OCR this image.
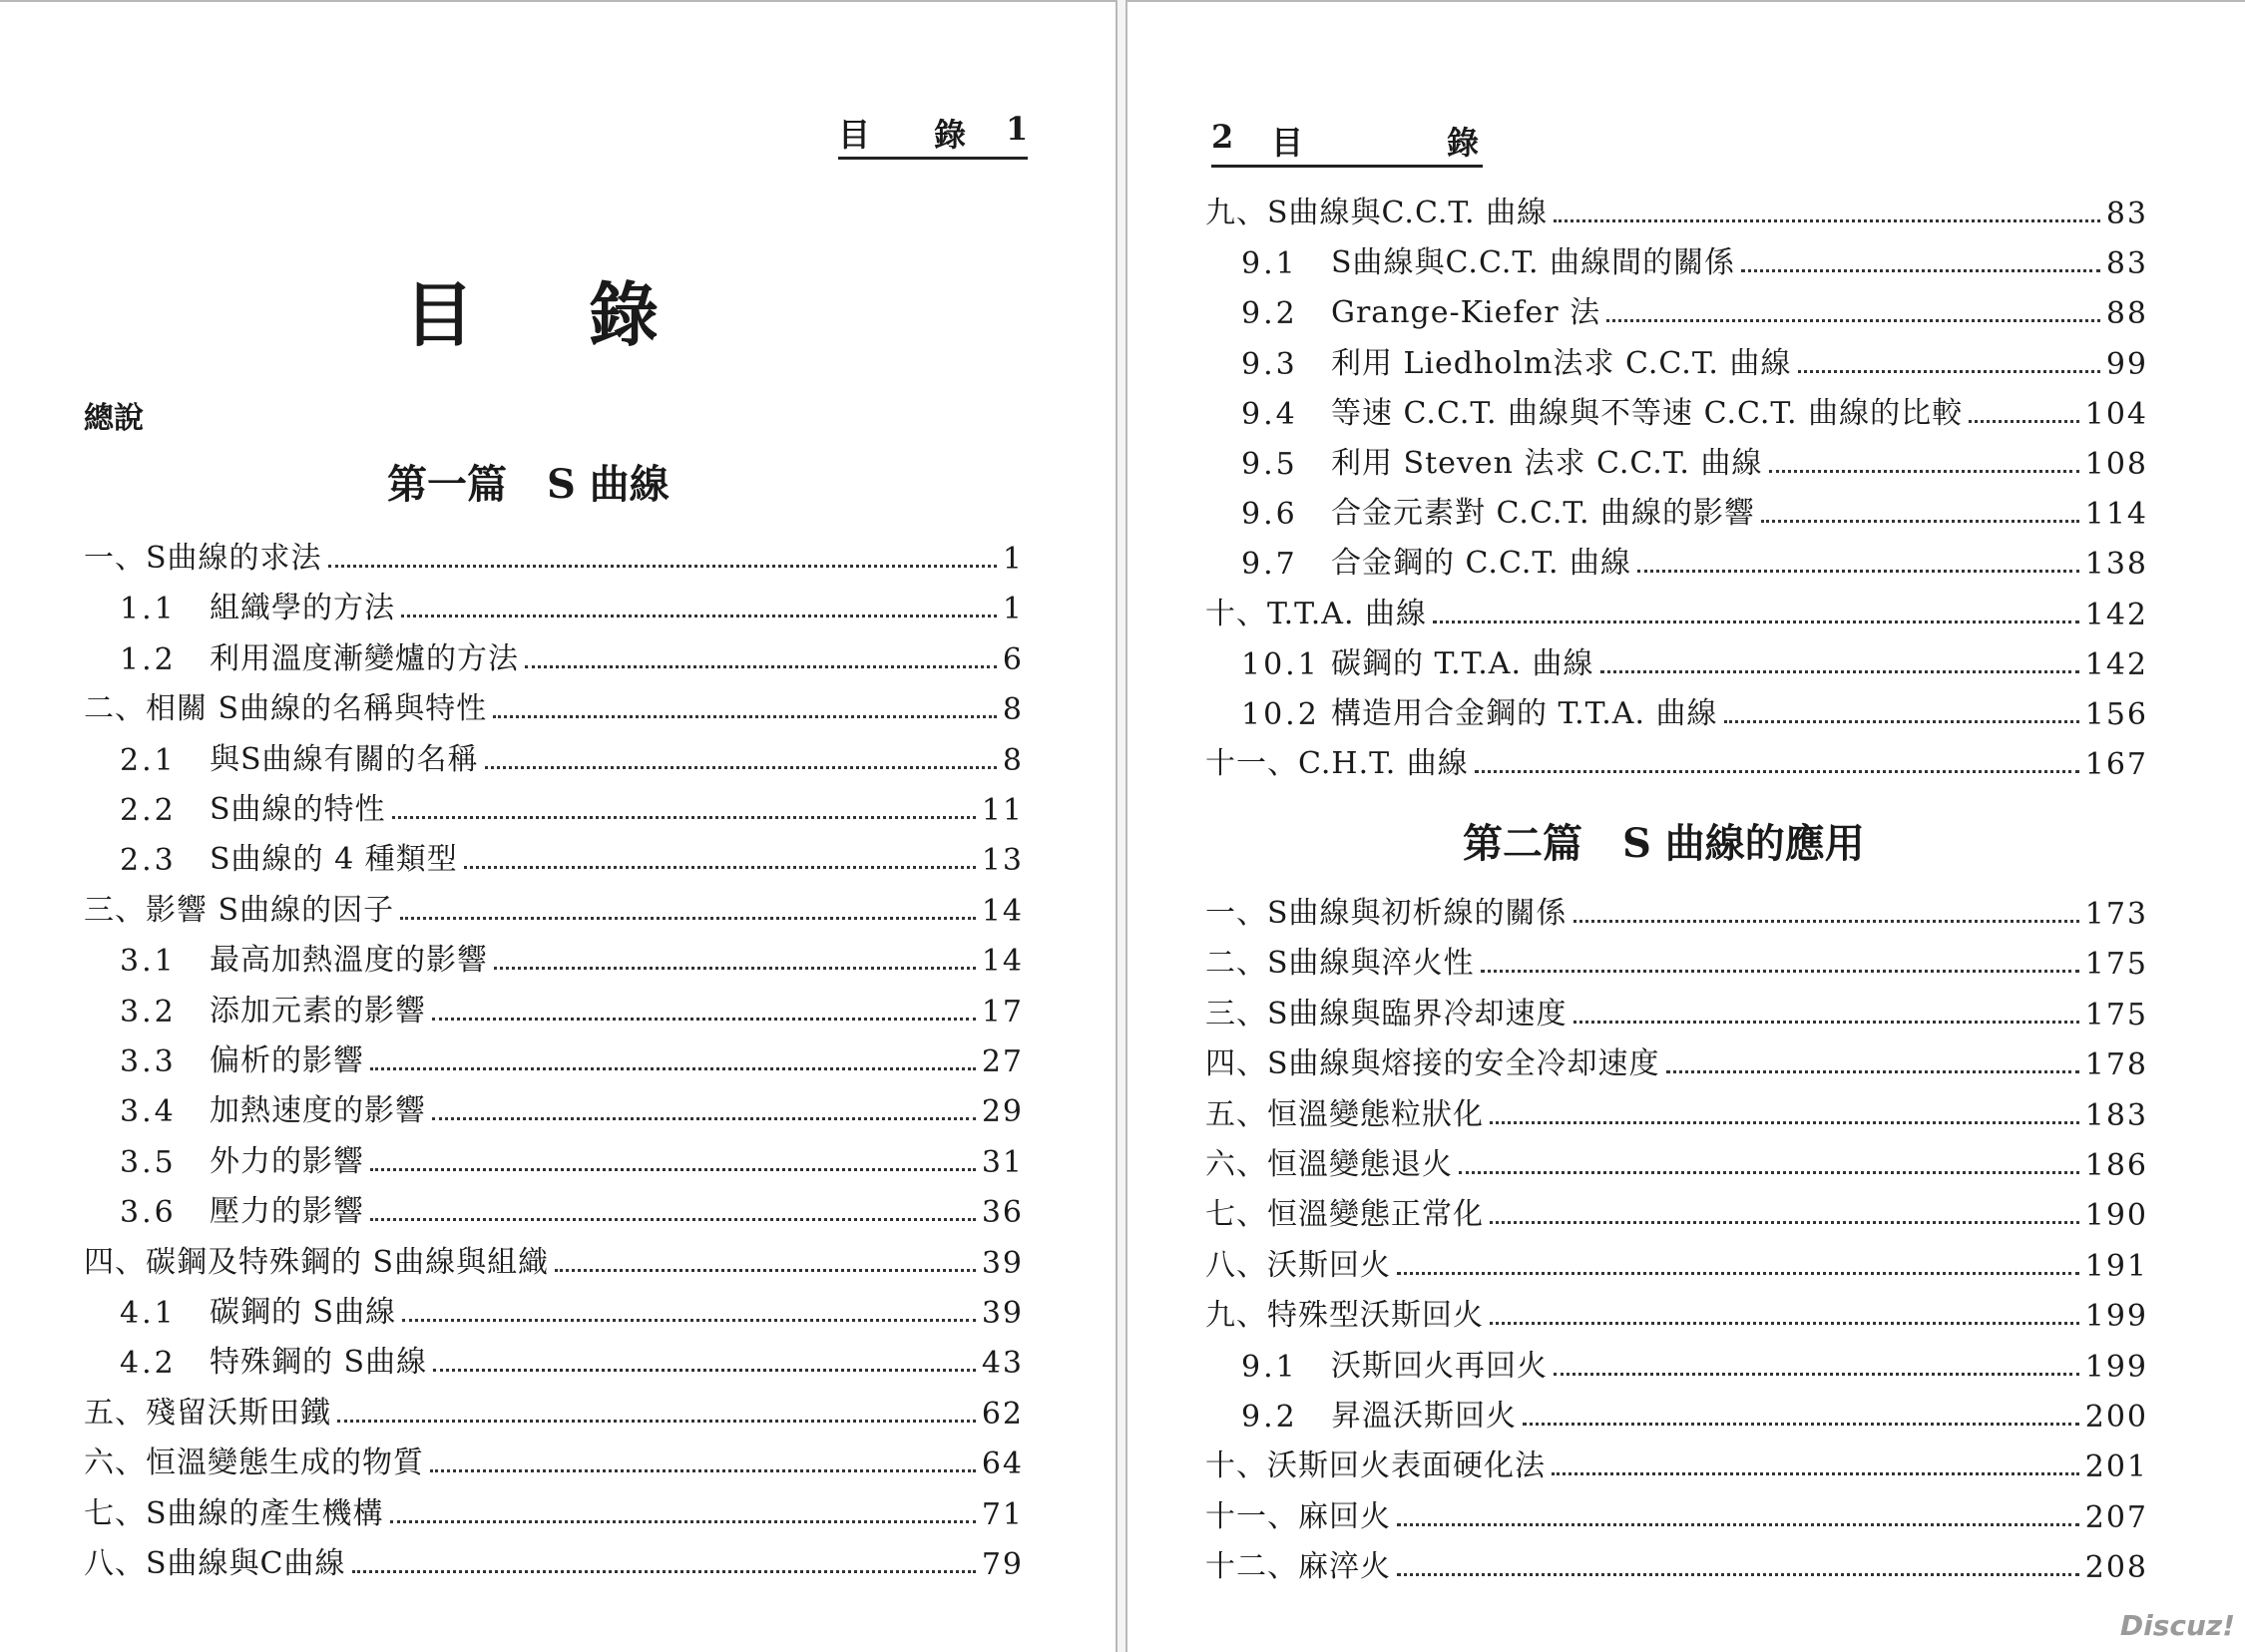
目 錄 1
目 錄
總說
第一篇　S 曲線
一、S曲線的求法	1
1.1	組織學的方法	1
1.2	利用溫度漸變爐的方法	6
二、相關 S曲線的名稱與特性	8
2.1	與S曲線有關的名稱	8
2.2	S曲線的特性	11
2.3	S曲線的 4 種類型	13
三、影響 S曲線的因子	14
3.1	最高加熱溫度的影響	14
3.2	添加元素的影響	17
3.3	偏析的影響	27
3.4	加熱速度的影響	29
3.5	外力的影響	31
3.6	壓力的影響	36
四、碳鋼及特殊鋼的 S曲線與組織	39
4.1	碳鋼的 S曲線	39
4.2	特殊鋼的 S曲線	43
五、殘留沃斯田鐵	62
六、恒溫變態生成的物質	64
七、S曲線的產生機構	71
八、S曲線與C曲線	79
2 目	錄
九、S曲線與C.C.T. 曲線	83
9.1	S曲線與C.C.T. 曲線間的關係	83
9.2	Grange-Kiefer 法	88
9.3	利用 Liedholm法求 C.C.T. 曲線	99
9.4	等速 C.C.T. 曲線與不等速 C.C.T. 曲線的比較	104
9.5	利用 Steven 法求 C.C.T. 曲線	108
9.6	合金元素對 C.C.T. 曲線的影響	114
9.7	合金鋼的 C.C.T. 曲線	138
十、T.T.A. 曲線	142
10.1 碳鋼的 T.T.A. 曲線	142
10.2 構造用合金鋼的 T.T.A. 曲線	156
十一、C.H.T. 曲線	167
第二篇　S 曲線的應用
一、S曲線與初析線的關係	173
二、S曲線與淬火性	175
三、S曲線與臨界冷却速度	175
四、S曲線與熔接的安全冷却速度	178
五、恒溫變態粒狀化	183
六、恒溫變態退火	186
七、恒溫變態正常化	190
八、沃斯回火	191
九、特殊型沃斯回火	199
9.1	沃斯回火再回火	199
9.2	昇溫沃斯回火	200
十、沃斯回火表面硬化法	201
十一、麻回火	207
十二、麻淬火	208
Discuz!
